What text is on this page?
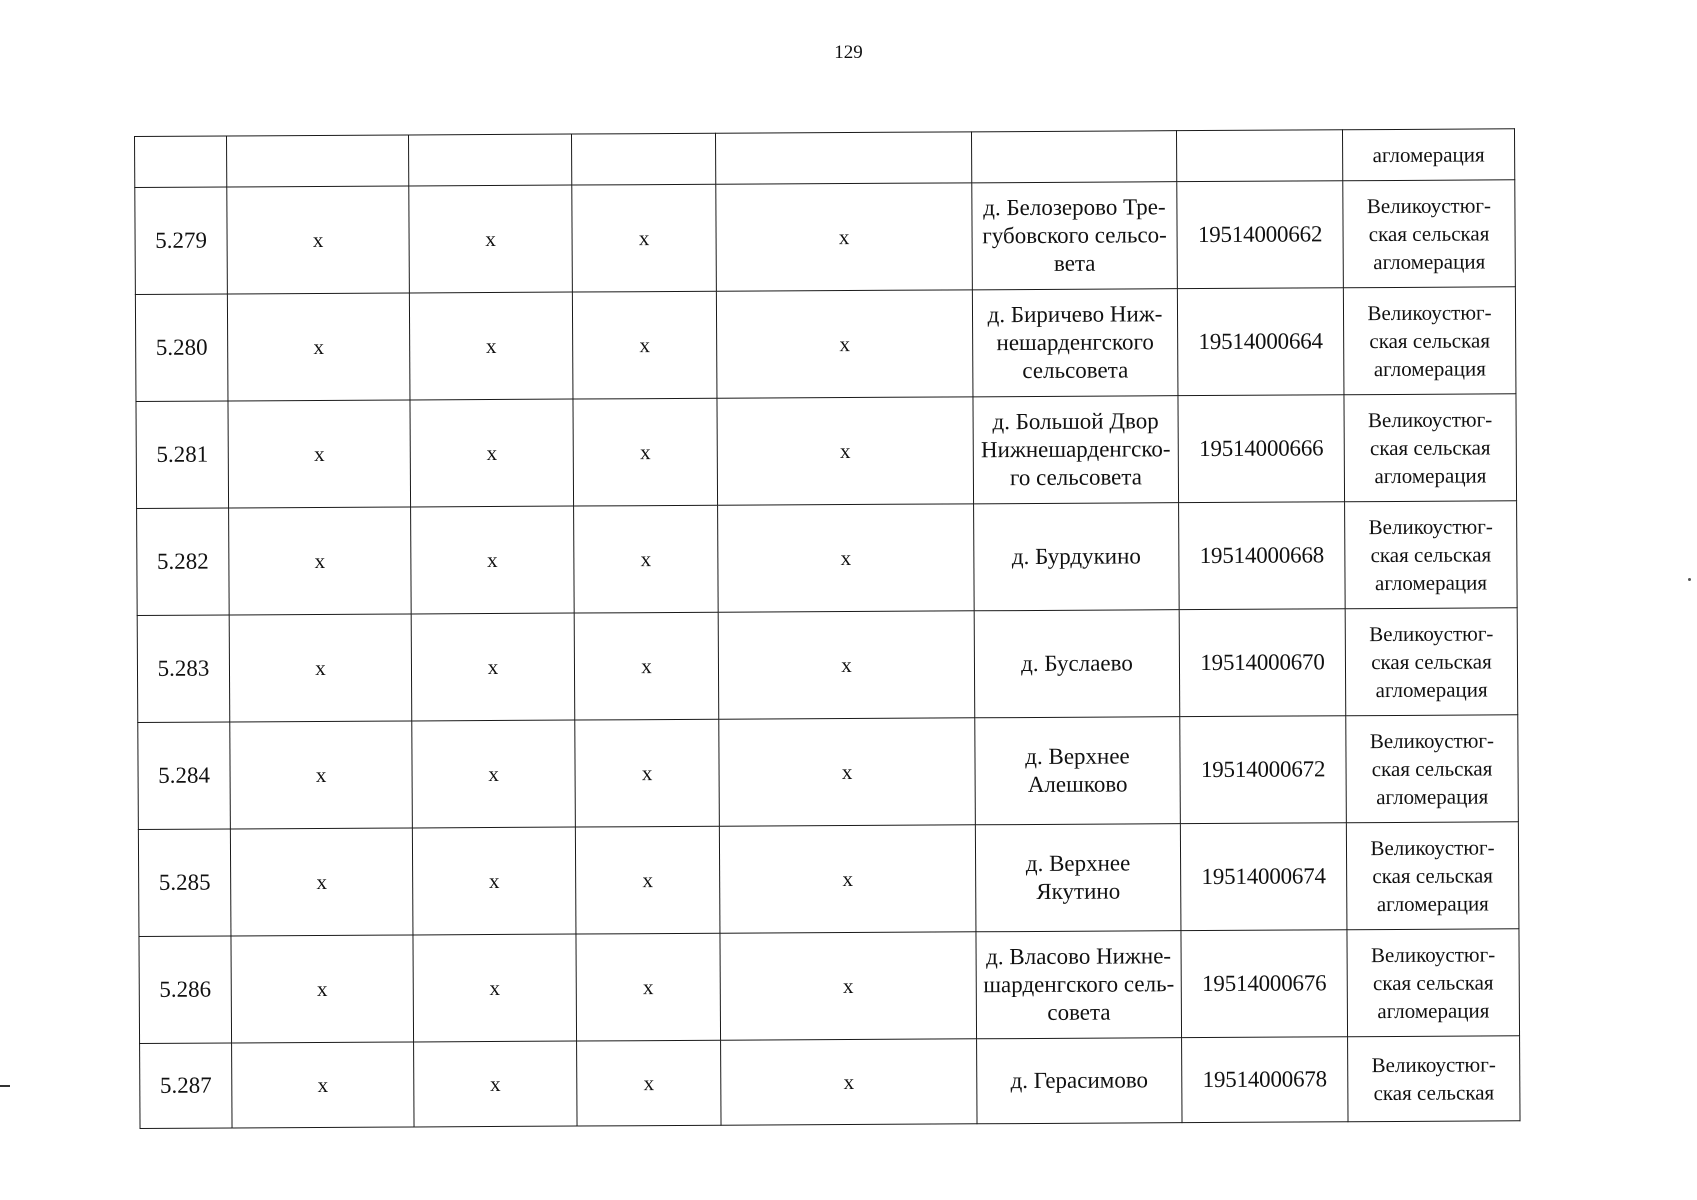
129

							агломерация

5.279	х	х	х	х	д. Белозерово Тре-
губовского сельсо-
вета	19514000662	Великоустюг-
ская сельская
агломерация

5.280	х	х	х	х	д. Биричево Ниж-
нешарденгского
сельсовета	19514000664	Великоустюг-
ская сельская
агломерация

5.281	х	х	х	х	д. Большой Двор
Нижнешарденгско-
го сельсовета	19514000666	Великоустюг-
ская сельская
агломерация

5.282	х	х	х	х	д. Бурдукино	19514000668	Великоустюг-
ская сельская
агломерация

5.283	х	х	х	х	д. Буслаево	19514000670	Великоустюг-
ская сельская
агломерация

5.284	х	х	х	х	д. Верхнее
Алешково	19514000672	Великоустюг-
ская сельская
агломерация

5.285	х	х	х	х	д. Верхнее Якутино	19514000674	Великоустюг-
ская сельская
агломерация

5.286	х	х	х	х	д. Власово Нижне-
шарденгского сель-
совета	19514000676	Великоустюг-
ская сельская
агломерация

5.287	х	х	х	х	д. Герасимово	19514000678	Великоустюг-
ская сельская
